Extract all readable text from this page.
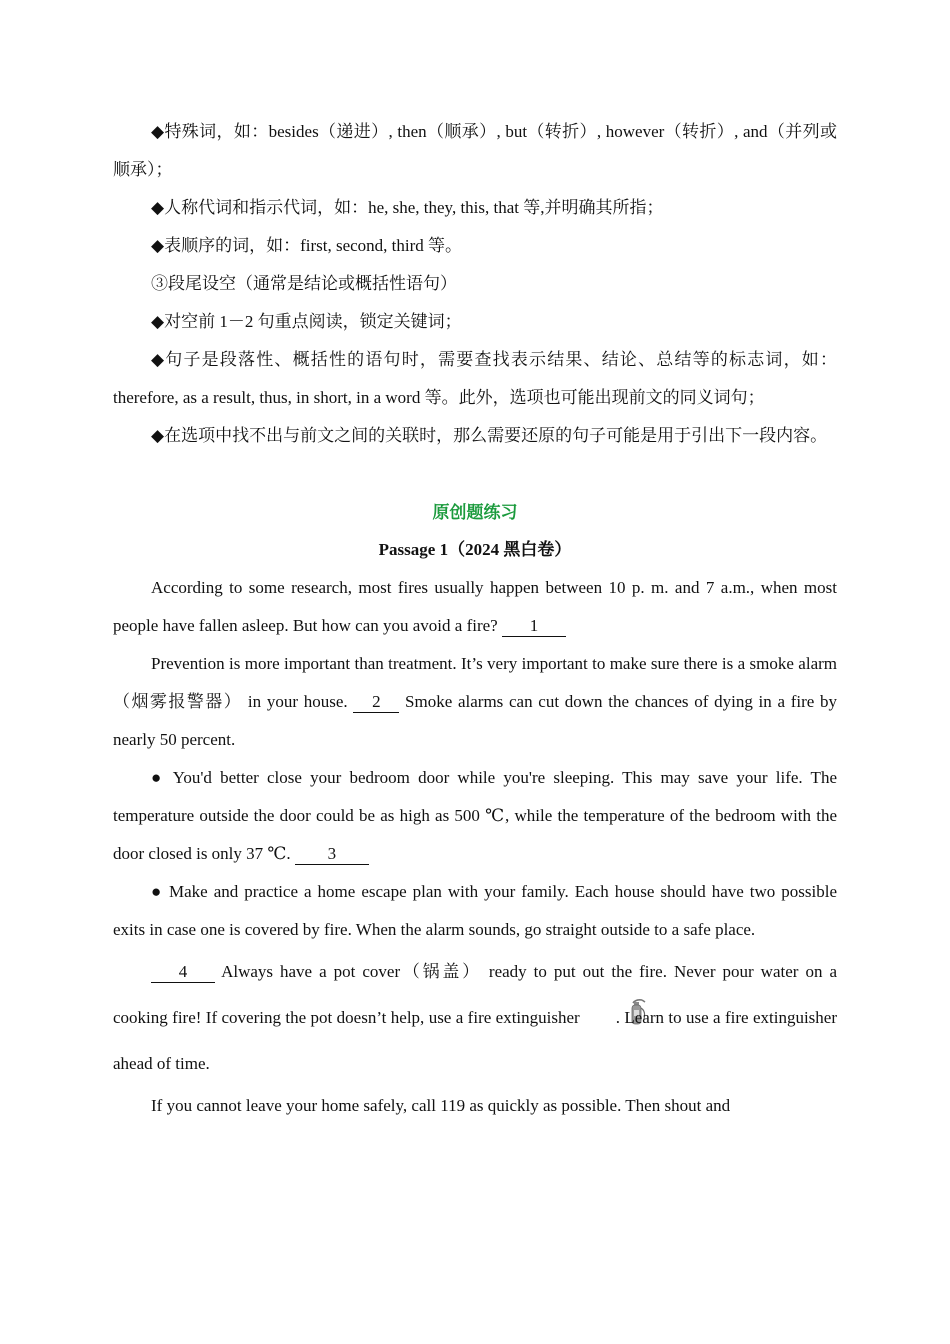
◆特殊词，如：besides（递进）, then（顺承）, but（转折）, however（转折）, and（并列或顺承）；

◆人称代词和指示代词，如：he, she, they, this, that 等,并明确其所指；

◆表顺序的词，如：first, second, third 等。

③段尾设空（通常是结论或概括性语句）

◆对空前 1－2 句重点阅读，锁定关键词；

◆句子是段落性、概括性的语句时，需要查找表示结果、结论、总结等的标志词，如：therefore, as a result, thus, in short, in a word 等。此外，选项也可能出现前文的同义词句；

◆在选项中找不出与前文之间的关联时，那么需要还原的句子可能是用于引出下一段内容。

原创题练习
Passage 1（2024 黑白卷）

According to some research, most fires usually happen between 10 p. m. and 7 a.m., when most people have fallen asleep. But how can you avoid a fire? 1

Prevention is more important than treatment. It’s very important to make sure there is a smoke alarm（烟雾报警器） in your house. 2 Smoke alarms can cut down the chances of dying in a fire by nearly 50 percent.

● You'd better close your bedroom door while you're sleeping. This may save your life. The temperature outside the door could be as high as 500 ℃, while the temperature of the bedroom with the door closed is only 37 ℃. 3

● Make and practice a home escape plan with your family. Each house should have two possible exits in case one is covered by fire. When the alarm sounds, go straight outside to a safe place.

4 Always have a pot cover（锅盖） ready to put out the fire. Never pour water on a cooking fire! If covering the pot doesn’t help, use a fire extinguisher . Learn to use a fire extinguisher ahead of time.

If you cannot leave your home safely, call 119 as quickly as possible. Then shout and
